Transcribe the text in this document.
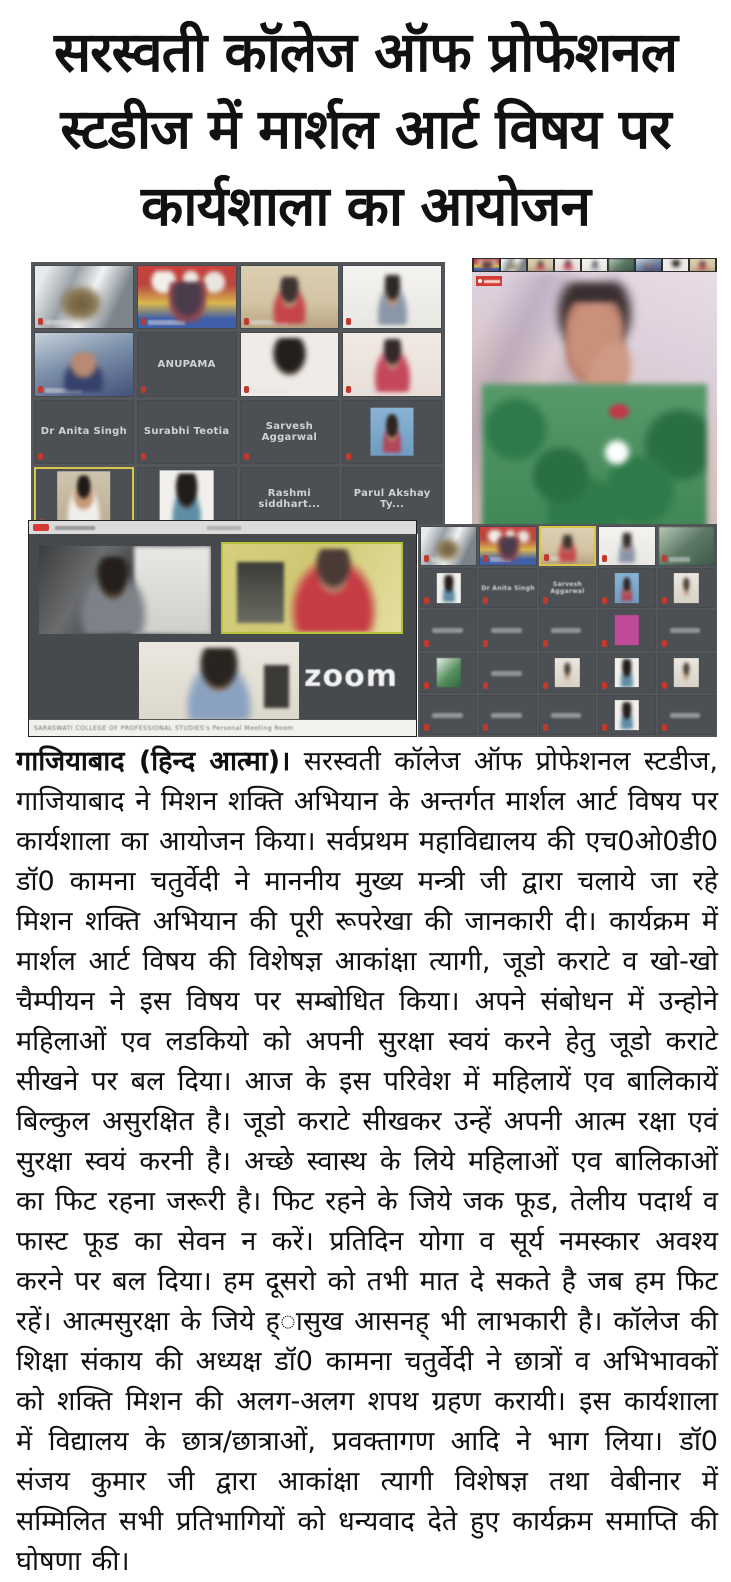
सरस्वती कॉलेज ऑफ प्रोफेशनल
स्टडीज में मार्शल आर्ट विषय पर
कार्यशाला का आयोजन
ANUPAMA
Dr Anita Singh	Surabhi Teotia	Sarvesh Aggarwal
Rashmi siddhart...
Parul Akshay Ty...
zoom
SARASWATI COLLEGE OF PROFESSIONAL STUDIES's Personal Meeting Room
Dr Anita Singh	Sarvesh Aggarwal
गाजियाबाद (हिन्द आत्मा)। सरस्वती कॉलेज ऑफ प्रोफेशनल स्टडीज, गाजियाबाद ने मिशन शक्ति अभियान के अन्तर्गत मार्शल आर्ट विषय पर कार्यशाला का आयोजन किया। सर्वप्रथम महाविद्यालय की एच0ओ0डी0 डॉ0 कामना चतुर्वेदी ने माननीय मुख्य मन्त्री जी द्वारा चलाये जा रहे मिशन शक्ति अभियान की पूरी रूपरेखा की जानकारी दी। कार्यक्रम में मार्शल आर्ट विषय की विशेषज्ञ आकांक्षा त्यागी, जूडो कराटे व खो-खो चैम्पीयन ने इस विषय पर सम्बोधित किया। अपने संबोधन में उन्होने महिलाओं एव लडकियो को अपनी सुरक्षा स्वयं करने हेतु जूडो कराटे सीखने पर बल दिया। आज के इस परिवेश में महिलायें एव बालिकायें बिल्कुल असुरक्षित है। जूडो कराटे सीखकर उन्हें अपनी आत्म रक्षा एवं सुरक्षा स्वयं करनी है। अच्छे स्वास्थ के लिये महिलाओं एव बालिकाओं का फिट रहना जरूरी है। फिट रहने के जिये जक फूड, तेलीय पदार्थ व फास्ट फूड का सेवन न करें। प्रतिदिन योगा व सूर्य नमस्कार अवश्य करने पर बल दिया। हम दूसरो को तभी मात दे सकते है जब हम फिट रहें। आत्मसुरक्षा के जिये ह्ासुख आसनह् भी लाभकारी है। कॉलेज की शिक्षा संकाय की अध्यक्ष डॉ0 कामना चतुर्वेदी ने छात्रों व अभिभावकों को शक्ति मिशन की अलग-अलग शपथ ग्रहण करायी। इस कार्यशाला में विद्यालय के छात्र/छात्राओं, प्रवक्तागण आदि ने भाग लिया। डॉ0 संजय कुमार जी द्वारा आकांक्षा त्यागी विशेषज्ञ तथा वेबीनार में सम्मिलित सभी प्रतिभागियों को धन्यवाद देते हुए कार्यक्रम समाप्ति की घोषणा की।
